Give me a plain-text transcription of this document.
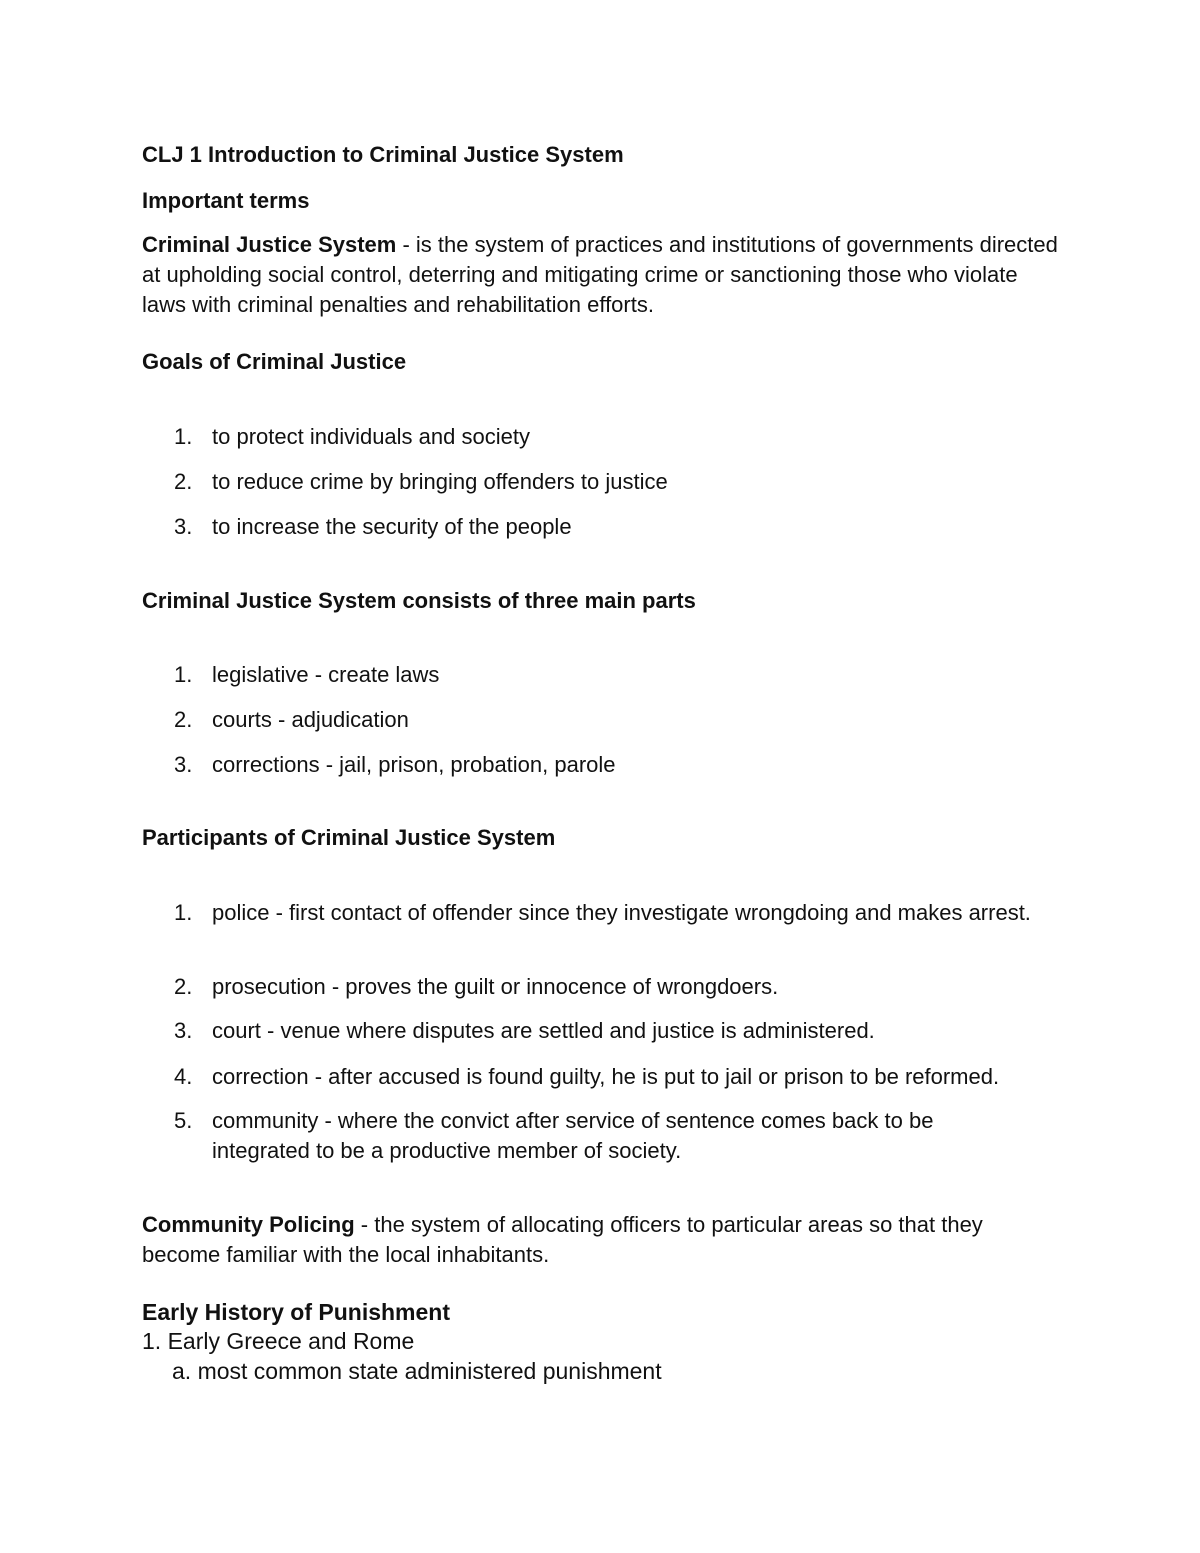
CLJ 1 Introduction to Criminal Justice System
Important terms
Criminal Justice System - is the system of practices and institutions of governments directed at upholding social control, deterring and mitigating crime or sanctioning those who violate laws with criminal penalties and rehabilitation efforts.
Goals of Criminal Justice
1. to protect individuals and society
2. to reduce crime by bringing offenders to justice
3. to increase the security of the people
Criminal Justice System consists of three main parts
1. legislative - create laws
2. courts - adjudication
3. corrections - jail, prison, probation, parole
Participants of Criminal Justice System
1. police - first contact of offender since they investigate wrongdoing and makes arrest.
2. prosecution - proves the guilt or innocence of wrongdoers.
3. court - venue where disputes are settled and justice is administered.
4. correction - after accused is found guilty, he is put to jail or prison to be reformed.
5. community - where the convict after service of sentence comes back to be integrated to be a productive member of society.
Community Policing - the system of allocating officers to particular areas so that they become familiar with the local inhabitants.
Early History of Punishment
1. Early Greece and Rome
a. most common state administered punishment
